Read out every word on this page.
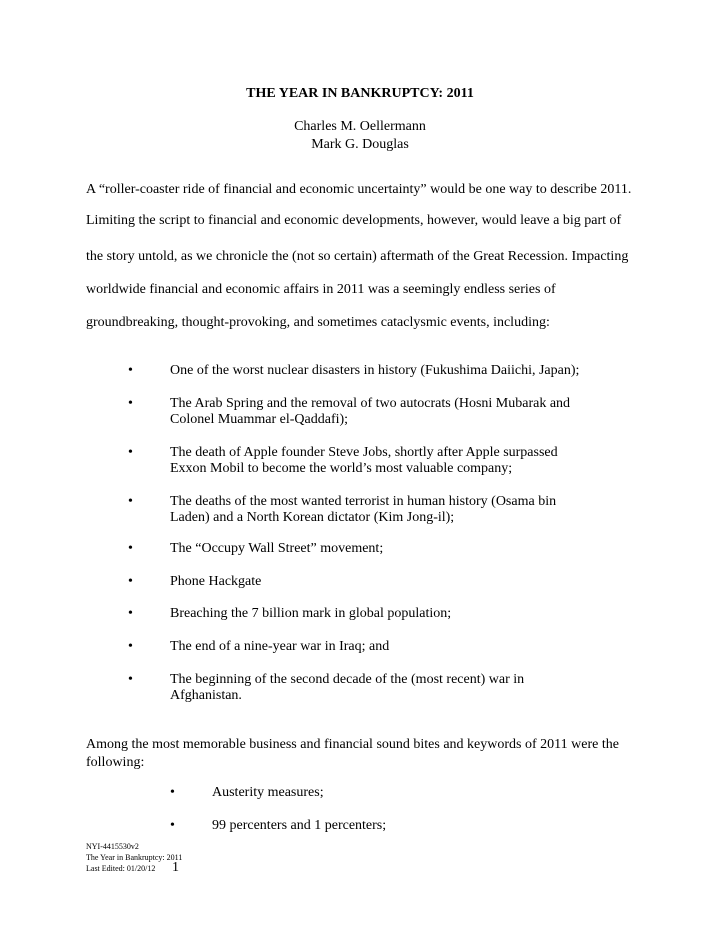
THE YEAR IN BANKRUPTCY: 2011
Charles M. Oellermann
Mark G. Douglas
A “roller-coaster ride of financial and economic uncertainty” would be one way to describe 2011.
Limiting the script to financial and economic developments, however, would leave a big part of
the story untold, as we chronicle the (not so certain) aftermath of the Great Recession. Impacting
worldwide financial and economic affairs in 2011 was a seemingly endless series of
groundbreaking, thought-provoking, and sometimes cataclysmic events, including:
•	One of the worst nuclear disasters in history (Fukushima Daiichi, Japan);
•	The Arab Spring and the removal of two autocrats (Hosni Mubarak and
Colonel Muammar el-Qaddafi);
•	The death of Apple founder Steve Jobs, shortly after Apple surpassed
Exxon Mobil to become the world’s most valuable company;
•	The deaths of the most wanted terrorist in human history (Osama bin
Laden) and a North Korean dictator (Kim Jong-il);
•	The “Occupy Wall Street” movement;
•	Phone Hackgate
•	Breaching the 7 billion mark in global population;
•	The end of a nine-year war in Iraq; and
•	The beginning of the second decade of the (most recent) war in
Afghanistan.
Among the most memorable business and financial sound bites and keywords of 2011 were the following:
•	Austerity measures;
•	99 percenters and 1 percenters;
NYI-4415530v2
The Year in Bankruptcy: 2011
Last Edited: 01/20/12 1
